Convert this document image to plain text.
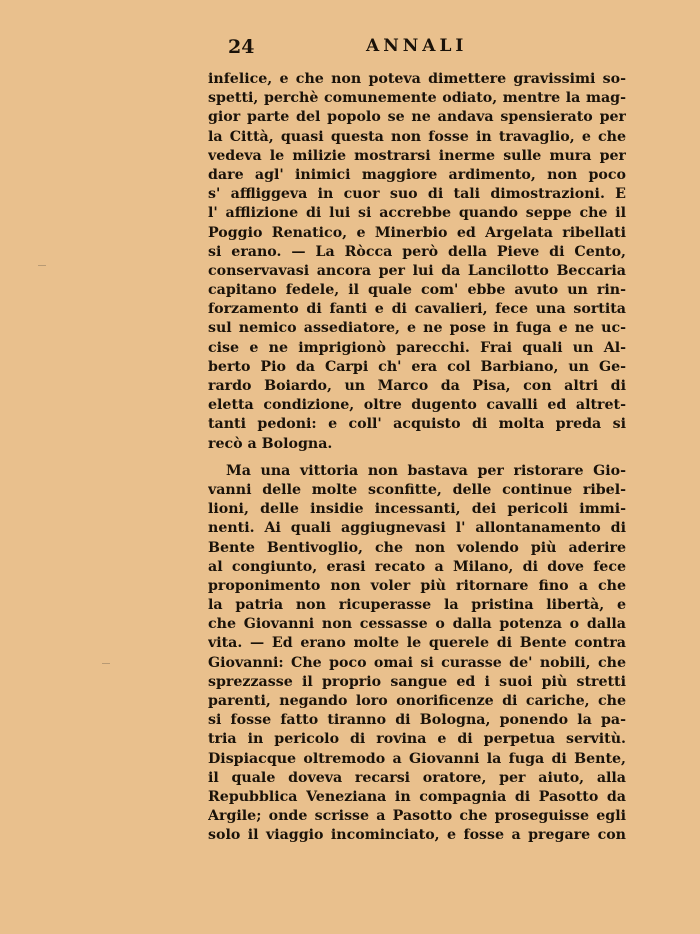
24	ANNALI
infelice, e che non poteva dimettere gravissimi so-
spetti, perchè comunemente odiato, mentre la mag-
gior parte del popolo se ne andava spensierato per
la Città, quasi questa non fosse in travaglio, e che
vedeva le milizie mostrarsi inerme sulle mura per
dare agl' inimici maggiore ardimento, non poco
s' affliggeva in cuor suo di tali dimostrazioni. E
l' afflizione di lui si accrebbe quando seppe che il
Poggio Renatico, e Minerbio ed Argelata ribellati
si erano. — La Ròcca però della Pieve di Cento,
conservavasi ancora per lui da Lancilotto Beccaria
capitano fedele, il quale com' ebbe avuto un rin-
forzamento di fanti e di cavalieri, fece una sortita
sul nemico assediatore, e ne pose in fuga e ne uc-
cise e ne imprigionò parecchi. Frai quali un Al-
berto Pio da Carpi ch' era col Barbiano, un Ge-
rardo Boiardo, un Marco da Pisa, con altri di
eletta condizione, oltre dugento cavalli ed altret-
tanti pedoni: e coll' acquisto di molta preda si
recò a Bologna.
Ma una vittoria non bastava per ristorare Gio-
vanni delle molte sconfitte, delle continue ribel-
lioni, delle insidie incessanti, dei pericoli immi-
nenti. Ai quali aggiugnevasi l' allontanamento di
Bente Bentivoglio, che non volendo più aderire
al congiunto, erasi recato a Milano, di dove fece
proponimento non voler più ritornare fino a che
la patria non ricuperasse la pristina libertà, e
che Giovanni non cessasse o dalla potenza o dalla
vita. — Ed erano molte le querele di Bente contra
Giovanni: Che poco omai si curasse de' nobili, che
sprezzasse il proprio sangue ed i suoi più stretti
parenti, negando loro onorificenze di cariche, che
si fosse fatto tiranno di Bologna, ponendo la pa-
tria in pericolo di rovina e di perpetua servitù.
Dispiacque oltremodo a Giovanni la fuga di Bente,
il quale doveva recarsi oratore, per aiuto, alla
Repubblica Veneziana in compagnia di Pasotto da
Argile; onde scrisse a Pasotto che proseguisse egli
solo il viaggio incominciato, e fosse a pregare con
